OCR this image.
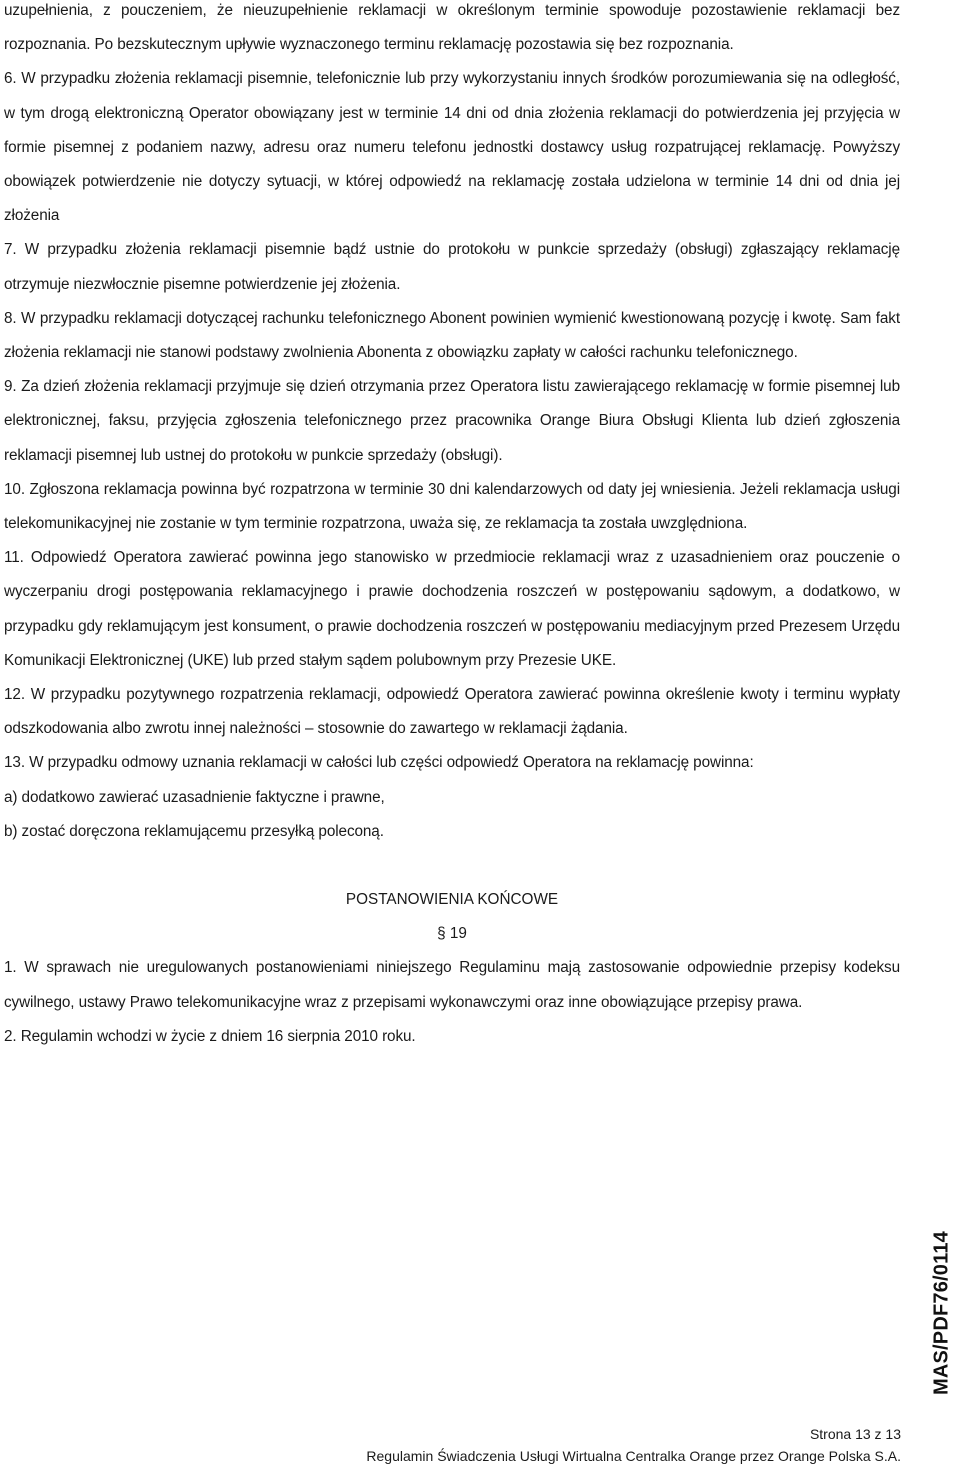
uzupełnienia, z pouczeniem, że nieuzupełnienie reklamacji w określonym terminie spowoduje pozostawienie reklamacji bez rozpoznania. Po bezskutecznym upływie wyznaczonego terminu reklamację pozostawia się bez rozpoznania.

6. W przypadku złożenia reklamacji pisemnie, telefonicznie lub przy wykorzystaniu innych środków porozumiewania się na odległość, w tym drogą elektroniczną Operator obowiązany jest w terminie 14 dni od dnia złożenia reklamacji do potwierdzenia jej przyjęcia w formie pisemnej z podaniem nazwy, adresu oraz numeru telefonu jednostki dostawcy usług rozpatrującej reklamację. Powyższy obowiązek potwierdzenie nie dotyczy sytuacji, w której odpowiedź na reklamację została udzielona w terminie 14 dni od dnia jej złożenia

7. W przypadku złożenia reklamacji pisemnie bądź ustnie do protokołu w punkcie sprzedaży (obsługi) zgłaszający reklamację otrzymuje niezwłocznie pisemne potwierdzenie jej złożenia.

8. W przypadku reklamacji dotyczącej rachunku telefonicznego Abonent powinien wymienić kwestionowaną pozycję i kwotę. Sam fakt złożenia reklamacji nie stanowi podstawy zwolnienia Abonenta z obowiązku zapłaty w całości rachunku telefonicznego.

9. Za dzień złożenia reklamacji przyjmuje się dzień otrzymania przez Operatora listu zawierającego reklamację w formie pisemnej lub elektronicznej, faksu, przyjęcia zgłoszenia telefonicznego przez pracownika Orange Biura Obsługi Klienta lub dzień zgłoszenia reklamacji pisemnej lub ustnej do protokołu w punkcie sprzedaży (obsługi).

10. Zgłoszona reklamacja powinna być rozpatrzona w terminie 30 dni kalendarzowych od daty jej wniesienia. Jeżeli reklamacja usługi telekomunikacyjnej nie zostanie w tym terminie rozpatrzona, uważa się, ze reklamacja ta została uwzględniona.

11. Odpowiedź Operatora zawierać powinna jego stanowisko w przedmiocie reklamacji wraz z uzasadnieniem oraz pouczenie o wyczerpaniu drogi postępowania reklamacyjnego i prawie dochodzenia roszczeń w postępowaniu sądowym, a dodatkowo, w przypadku gdy reklamującym jest konsument, o prawie dochodzenia roszczeń w postępowaniu mediacyjnym przed Prezesem Urzędu Komunikacji Elektronicznej (UKE) lub przed stałym sądem polubownym przy Prezesie UKE.

12. W przypadku pozytywnego rozpatrzenia reklamacji, odpowiedź Operatora zawierać powinna określenie kwoty i terminu wypłaty odszkodowania albo zwrotu innej należności – stosownie do zawartego w reklamacji żądania.

13. W przypadku odmowy uznania reklamacji w całości lub części odpowiedź Operatora na reklamację powinna:

a) dodatkowo zawierać uzasadnienie faktyczne i prawne,

b) zostać doręczona reklamującemu przesyłką poleconą.

POSTANOWIENIA KOŃCOWE

§ 19

1. W sprawach nie uregulowanych postanowieniami niniejszego Regulaminu mają zastosowanie odpowiednie przepisy kodeksu cywilnego, ustawy Prawo telekomunikacyjne wraz z przepisami wykonawczymi oraz inne obowiązujące przepisy prawa.

2. Regulamin wchodzi w życie z dniem 16 sierpnia 2010 roku.

MAS/PDF76/0114
Strona 13 z 13
Regulamin Świadczenia Usługi Wirtualna Centralka Orange przez Orange Polska S.A.
